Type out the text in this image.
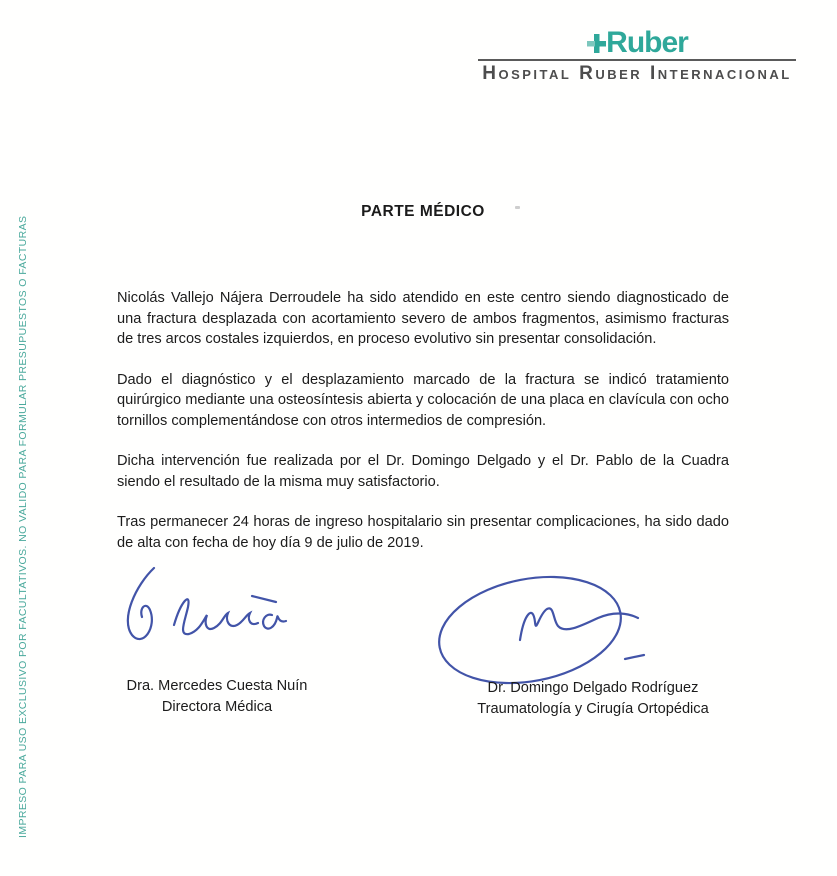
Ruber
Hospital Ruber Internacional
IMPRESO PARA USO EXCLUSIVO POR FACULTATIVOS. NO VALIDO PARA FORMULAR PRESUPUESTOS O FACTURAS
PARTE MÉDICO

Nicolás Vallejo Nájera Derroudele ha sido atendido en este centro siendo diagnosticado de una fractura desplazada con acortamiento severo de ambos fragmentos, asimismo fracturas de tres arcos costales izquierdos, en proceso evolutivo sin presentar consolidación.

Dado el diagnóstico y el desplazamiento marcado de la fractura se indicó tratamiento quirúrgico mediante una osteosíntesis abierta y colocación de una placa en clavícula con ocho tornillos complementándose con otros intermedios de compresión.

Dicha intervención fue realizada por el Dr. Domingo Delgado y el Dr. Pablo de la Cuadra siendo el resultado de la misma muy satisfactorio.

Tras permanecer 24 horas de ingreso hospitalario sin presentar complicaciones, ha sido dado de alta con fecha de hoy día 9 de julio de 2019.

Dra. Mercedes Cuesta Nuín
Directora Médica
Dr. Domingo Delgado Rodríguez
Traumatología y Cirugía Ortopédica
